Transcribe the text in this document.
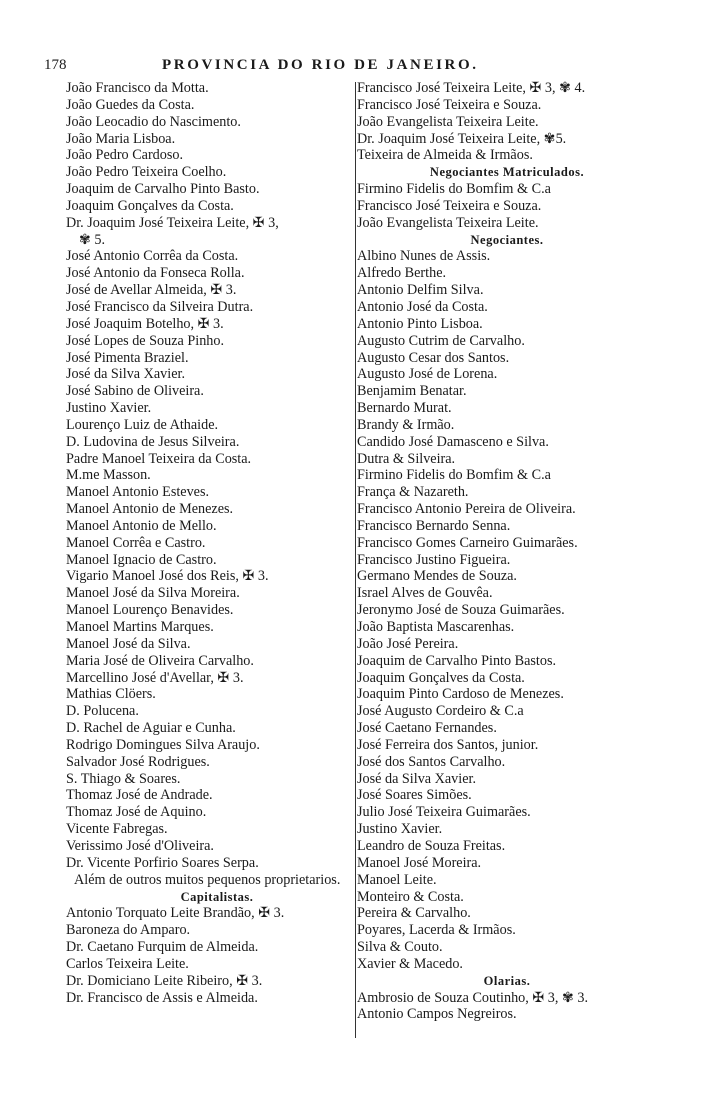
178	PROVINCIA DO RIO DE JANEIRO.
João Francisco da Motta.
João Guedes da Costa.
João Leocadio do Nascimento.
João Maria Lisboa.
João Pedro Cardoso.
João Pedro Teixeira Coelho.
Joaquim de Carvalho Pinto Basto.
Joaquim Gonçalves da Costa.
Dr. Joaquim José Teixeira Leite, ✠ 3,
✾ 5.
José Antonio Corrêa da Costa.
José Antonio da Fonseca Rolla.
José de Avellar Almeida, ✠ 3.
José Francisco da Silveira Dutra.
José Joaquim Botelho, ✠ 3.
José Lopes de Souza Pinho.
José Pimenta Braziel.
José da Silva Xavier.
José Sabino de Oliveira.
Justino Xavier.
Lourenço Luiz de Athaide.
D. Ludovina de Jesus Silveira.
Padre Manoel Teixeira da Costa.
M.me Masson.
Manoel Antonio Esteves.
Manoel Antonio de Menezes.
Manoel Antonio de Mello.
Manoel Corrêa e Castro.
Manoel Ignacio de Castro.
Vigario Manoel José dos Reis, ✠ 3.
Manoel José da Silva Moreira.
Manoel Lourenço Benavides.
Manoel Martins Marques.
Manoel José da Silva.
Maria José de Oliveira Carvalho.
Marcellino José d'Avellar, ✠ 3.
Mathias Clöers.
D. Polucena.
D. Rachel de Aguiar e Cunha.
Rodrigo Domingues Silva Araujo.
Salvador José Rodrigues.
S. Thiago & Soares.
Thomaz José de Andrade.
Thomaz José de Aquino.
Vicente Fabregas.
Verissimo José d'Oliveira.
Dr. Vicente Porfirio Soares Serpa.
Além de outros muitos pequenos proprietarios.
Capitalistas.
Antonio Torquato Leite Brandão, ✠ 3.
Baroneza do Amparo.
Dr. Caetano Furquim de Almeida.
Carlos Teixeira Leite.
Dr. Domiciano Leite Ribeiro, ✠ 3.
Dr. Francisco de Assis e Almeida.
Francisco José Teixeira Leite, ✠ 3, ✾ 4.
Francisco José Teixeira e Souza.
João Evangelista Teixeira Leite.
Dr. Joaquim José Teixeira Leite, ✾5.
Teixeira de Almeida & Irmãos.
Negociantes Matriculados.
Firmino Fidelis do Bomfim & C.a
Francisco José Teixeira e Souza.
João Evangelista Teixeira Leite.
Negociantes.
Albino Nunes de Assis.
Alfredo Berthe.
Antonio Delfim Silva.
Antonio José da Costa.
Antonio Pinto Lisboa.
Augusto Cutrim de Carvalho.
Augusto Cesar dos Santos.
Augusto José de Lorena.
Benjamim Benatar.
Bernardo Murat.
Brandy & Irmão.
Candido José Damasceno e Silva.
Dutra & Silveira.
Firmino Fidelis do Bomfim & C.a
França & Nazareth.
Francisco Antonio Pereira de Oliveira.
Francisco Bernardo Senna.
Francisco Gomes Carneiro Guimarães.
Francisco Justino Figueira.
Germano Mendes de Souza.
Israel Alves de Gouvêa.
Jeronymo José de Souza Guimarães.
João Baptista Mascarenhas.
João José Pereira.
Joaquim de Carvalho Pinto Bastos.
Joaquim Gonçalves da Costa.
Joaquim Pinto Cardoso de Menezes.
José Augusto Cordeiro & C.a
José Caetano Fernandes.
José Ferreira dos Santos, junior.
José dos Santos Carvalho.
José da Silva Xavier.
José Soares Simões.
Julio José Teixeira Guimarães.
Justino Xavier.
Leandro de Souza Freitas.
Manoel José Moreira.
Manoel Leite.
Monteiro & Costa.
Pereira & Carvalho.
Poyares, Lacerda & Irmãos.
Silva & Couto.
Xavier & Macedo.
Olarias.
Ambrosio de Souza Coutinho, ✠ 3, ✾ 3.
Antonio Campos Negreiros.
